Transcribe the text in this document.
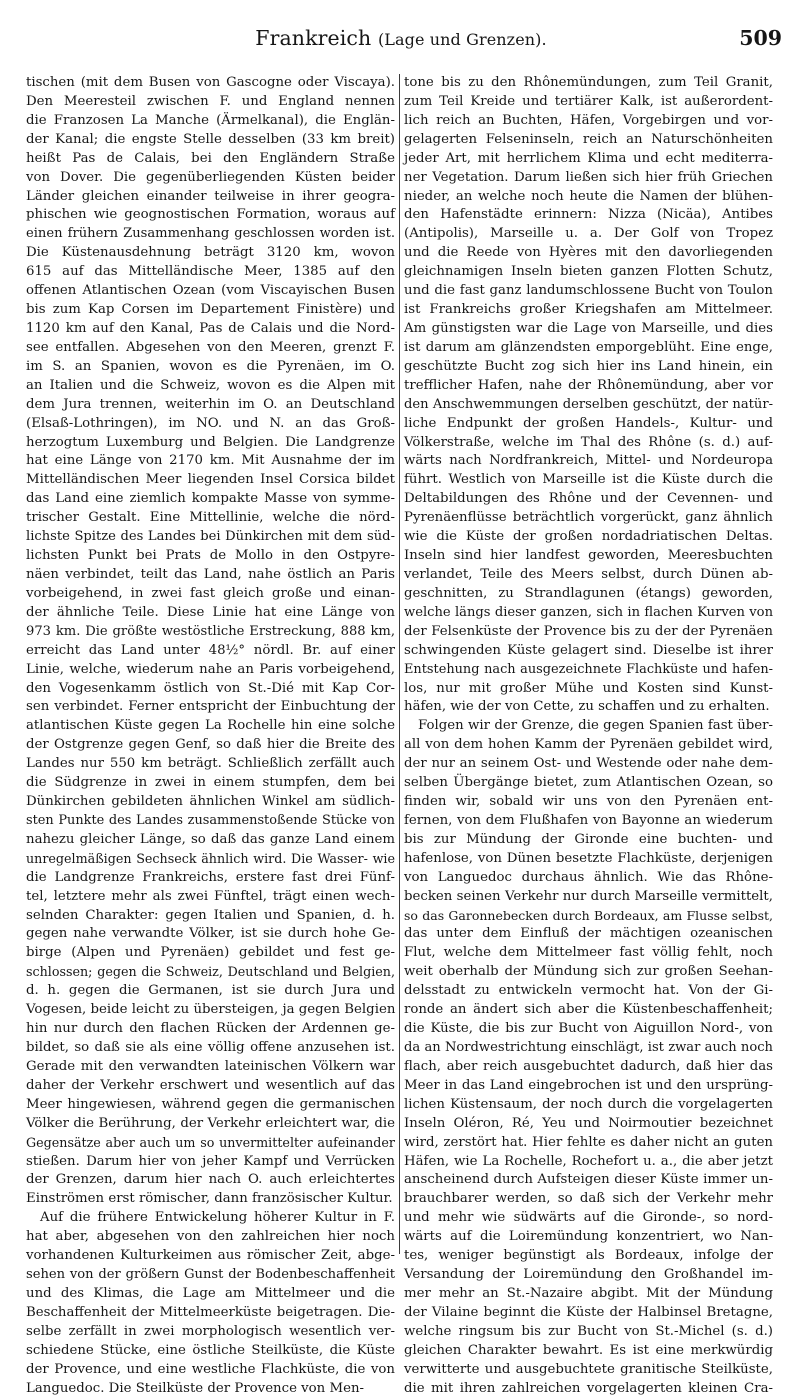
Frankreich (Lage und Grenzen).	509
tischen (mit dem Busen von Gascogne oder Viscaya).
Den Meeresteil zwischen F. und England nennen
die Franzosen La Manche (Ärmelkanal), die Englän-
der Kanal; die engste Stelle desselben (33 km breit)
heißt Pas de Calais, bei den Engländern Straße
von Dover. Die gegenüberliegenden Küsten beider
Länder gleichen einander teilweise in ihrer geogra-
phischen wie geognostischen Formation, woraus auf
einen frühern Zusammenhang geschlossen worden ist.
Die Küstenausdehnung beträgt 3120 km, wovon
615 auf das Mittelländische Meer, 1385 auf den
offenen Atlantischen Ozean (vom Viscayischen Busen
bis zum Kap Corsen im Departement Finistère) und
1120 km auf den Kanal, Pas de Calais und die Nord-
see entfallen. Abgesehen von den Meeren, grenzt F.
im S. an Spanien, wovon es die Pyrenäen, im O.
an Italien und die Schweiz, wovon es die Alpen mit
dem Jura trennen, weiterhin im O. an Deutschland
(Elsaß-Lothringen), im NO. und N. an das Groß-
herzogtum Luxemburg und Belgien. Die Landgrenze
hat eine Länge von 2170 km. Mit Ausnahme der im
Mittelländischen Meer liegenden Insel Corsica bildet
das Land eine ziemlich kompakte Masse von symme-
trischer Gestalt. Eine Mittellinie, welche die nörd-
lichste Spitze des Landes bei Dünkirchen mit dem süd-
lichsten Punkt bei Prats de Mollo in den Ostpyre-
näen verbindet, teilt das Land, nahe östlich an Paris
vorbeigehend, in zwei fast gleich große und einan-
der ähnliche Teile. Diese Linie hat eine Länge von
973 km. Die größte westöstliche Erstreckung, 888 km,
erreicht das Land unter 48½° nördl. Br. auf einer
Linie, welche, wiederum nahe an Paris vorbeigehend,
den Vogesenkamm östlich von St.-Dié mit Kap Cor-
sen verbindet. Ferner entspricht der Einbuchtung der
atlantischen Küste gegen La Rochelle hin eine solche
der Ostgrenze gegen Genf, so daß hier die Breite des
Landes nur 550 km beträgt. Schließlich zerfällt auch
die Südgrenze in zwei in einem stumpfen, dem bei
Dünkirchen gebildeten ähnlichen Winkel am südlich-
sten Punkte des Landes zusammenstoßende Stücke von
nahezu gleicher Länge, so daß das ganze Land einem
unregelmäßigen Sechseck ähnlich wird. Die Wasser- wie
die Landgrenze Frankreichs, erstere fast drei Fünf-
tel, letztere mehr als zwei Fünftel, trägt einen wech-
selnden Charakter: gegen Italien und Spanien, d. h.
gegen nahe verwandte Völker, ist sie durch hohe Ge-
birge (Alpen und Pyrenäen) gebildet und fest ge-
schlossen; gegen die Schweiz, Deutschland und Belgien,
d. h. gegen die Germanen, ist sie durch Jura und
Vogesen, beide leicht zu übersteigen, ja gegen Belgien
hin nur durch den flachen Rücken der Ardennen ge-
bildet, so daß sie als eine völlig offene anzusehen ist.
Gerade mit den verwandten lateinischen Völkern war
daher der Verkehr erschwert und wesentlich auf das
Meer hingewiesen, während gegen die germanischen
Völker die Berührung, der Verkehr erleichtert war, die
Gegensätze aber auch um so unvermittelter aufeinander
stießen. Darum hier von jeher Kampf und Verrücken
der Grenzen, darum hier nach O. auch erleichtertes
Einströmen erst römischer, dann französischer Kultur.
Auf die frühere Entwickelung höherer Kultur in F.
hat aber, abgesehen von den zahlreichen hier noch
vorhandenen Kulturkeimen aus römischer Zeit, abge-
sehen von der größern Gunst der Bodenbeschaffenheit
und des Klimas, die Lage am Mittelmeer und die
Beschaffenheit der Mittelmeerküste beigetragen. Die-
selbe zerfällt in zwei morphologisch wesentlich ver-
schiedene Stücke, eine östliche Steilküste, die Küste
der Provence, und eine westliche Flachküste, die von
Languedoc. Die Steilküste der Provence von Men-
tone bis zu den Rhônemündungen, zum Teil Granit,
zum Teil Kreide und tertiärer Kalk, ist außerordent-
lich reich an Buchten, Häfen, Vorgebirgen und vor-
gelagerten Felseninseln, reich an Naturschönheiten
jeder Art, mit herrlichem Klima und echt mediterra-
ner Vegetation. Darum ließen sich hier früh Griechen
nieder, an welche noch heute die Namen der blühen-
den Hafenstädte erinnern: Nizza (Nicäa), Antibes
(Antipolis), Marseille u. a. Der Golf von Tropez
und die Reede von Hyères mit den davorliegenden
gleichnamigen Inseln bieten ganzen Flotten Schutz,
und die fast ganz landumschlossene Bucht von Toulon
ist Frankreichs großer Kriegshafen am Mittelmeer.
Am günstigsten war die Lage von Marseille, und dies
ist darum am glänzendsten emporgeblüht. Eine enge,
geschützte Bucht zog sich hier ins Land hinein, ein
trefflicher Hafen, nahe der Rhônemündung, aber vor
den Anschwemmungen derselben geschützt, der natür-
liche Endpunkt der großen Handels-, Kultur- und
Völkerstraße, welche im Thal des Rhône (s. d.) auf-
wärts nach Nordfrankreich, Mittel- und Nordeuropa
führt. Westlich von Marseille ist die Küste durch die
Deltabildungen des Rhône und der Cevennen- und
Pyrenäenflüsse beträchtlich vorgerückt, ganz ähnlich
wie die Küste der großen nordadriatischen Deltas.
Inseln sind hier landfest geworden, Meeresbuchten
verlandet, Teile des Meers selbst, durch Dünen ab-
geschnitten, zu Strandlagunen (étangs) geworden,
welche längs dieser ganzen, sich in flachen Kurven von
der Felsenküste der Provence bis zu der der Pyrenäen
schwingenden Küste gelagert sind. Dieselbe ist ihrer
Entstehung nach ausgezeichnete Flachküste und hafen-
los, nur mit großer Mühe und Kosten sind Kunst-
häfen, wie der von Cette, zu schaffen und zu erhalten.
Folgen wir der Grenze, die gegen Spanien fast über-
all von dem hohen Kamm der Pyrenäen gebildet wird,
der nur an seinem Ost- und Westende oder nahe dem-
selben Übergänge bietet, zum Atlantischen Ozean, so
finden wir, sobald wir uns von den Pyrenäen ent-
fernen, von dem Flußhafen von Bayonne an wiederum
bis zur Mündung der Gironde eine buchten- und
hafenlose, von Dünen besetzte Flachküste, derjenigen
von Languedoc durchaus ähnlich. Wie das Rhône-
becken seinen Verkehr nur durch Marseille vermittelt,
so das Garonnebecken durch Bordeaux, am Flusse selbst,
das unter dem Einfluß der mächtigen ozeanischen
Flut, welche dem Mittelmeer fast völlig fehlt, noch
weit oberhalb der Mündung sich zur großen Seehan-
delsstadt zu entwickeln vermocht hat. Von der Gi-
ronde an ändert sich aber die Küstenbeschaffenheit;
die Küste, die bis zur Bucht von Aiguillon Nord-, von
da an Nordwestrichtung einschlägt, ist zwar auch noch
flach, aber reich ausgebuchtet dadurch, daß hier das
Meer in das Land eingebrochen ist und den ursprüng-
lichen Küstensaum, der noch durch die vorgelagerten
Inseln Oléron, Ré, Yeu und Noirmoutier bezeichnet
wird, zerstört hat. Hier fehlte es daher nicht an guten
Häfen, wie La Rochelle, Rochefort u. a., die aber jetzt
anscheinend durch Aufsteigen dieser Küste immer un-
brauchbarer werden, so daß sich der Verkehr mehr
und mehr wie südwärts auf die Gironde-, so nord-
wärts auf die Loiremündung konzentriert, wo Nan-
tes, weniger begünstigt als Bordeaux, infolge der
Versandung der Loiremündung den Großhandel im-
mer mehr an St.-Nazaire abgibt. Mit der Mündung
der Vilaine beginnt die Küste der Halbinsel Bretagne,
welche ringsum bis zur Bucht von St.-Michel (s. d.)
gleichen Charakter bewahrt. Es ist eine merkwürdig
verwitterte und ausgebuchtete granitische Steilküste,
die mit ihren zahlreichen vorgelagerten kleinen Cra-
